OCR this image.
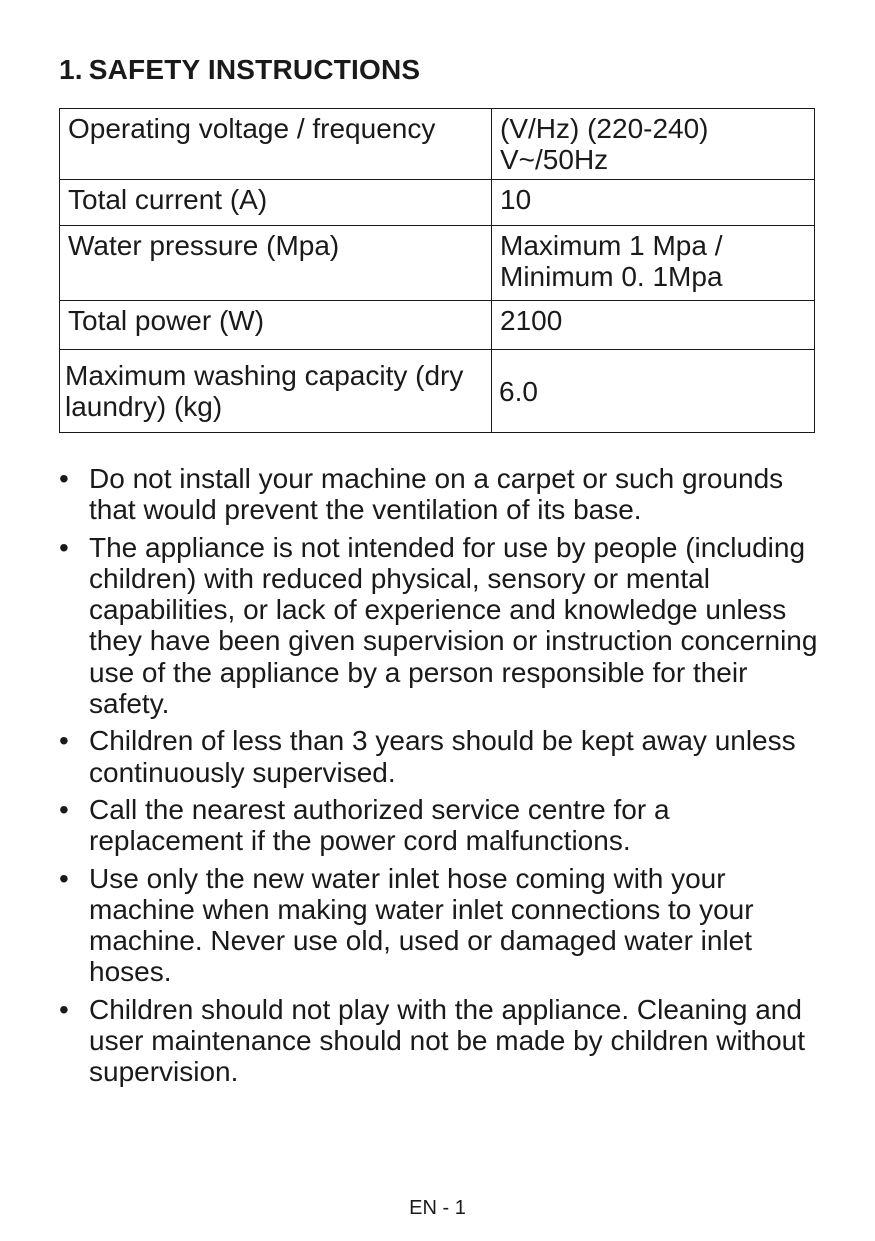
1. SAFETY INSTRUCTIONS
Operating voltage / frequency	(V/Hz) (220-240) V~/50Hz
Total current (A)	10
Water pressure (Mpa)	Maximum 1 Mpa / Minimum 0. 1Mpa
Total power (W)	2100
Maximum washing capacity (dry laundry) (kg)	6.0
• Do not install your machine on a carpet or such grounds that would prevent the ventilation of its base.
• The appliance is not intended for use by people (including children) with reduced physical, sensory or mental capabilities, or lack of experience and knowledge unless they have been given supervision or instruction concerning use of the appliance by a person responsible for their safety.
• Children of less than 3 years should be kept away unless continuously supervised.
• Call the nearest authorized service centre for a replacement if the power cord malfunctions.
• Use only the new water inlet hose coming with your machine when making water inlet connections to your machine. Never use old, used or damaged water inlet hoses.
• Children should not play with the appliance. Cleaning and user maintenance should not be made by children without supervision.
EN - 1
